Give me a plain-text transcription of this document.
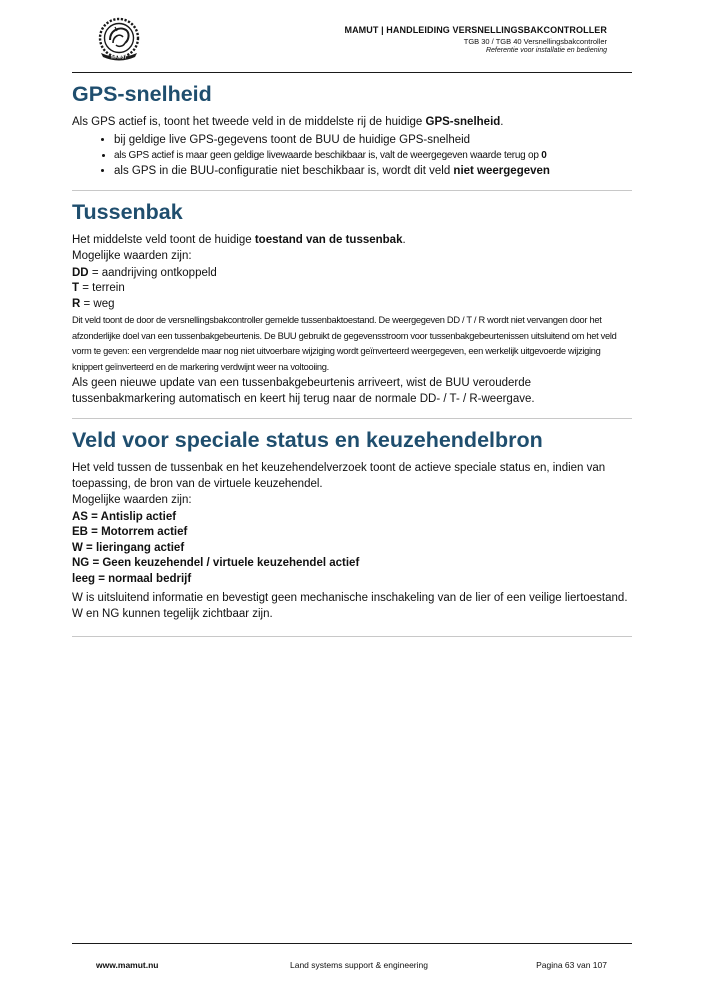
MAMUT
MAMUT | HANDLEIDING VERSNELLINGSBAKCONTROLLER
TGB 30 / TGB 40 Versnellingsbakcontroller
Referentie voor installatie en bediening
GPS-snelheid

Als GPS actief is, toont het tweede veld in de middelste rij de huidige GPS-snelheid.

• bij geldige live GPS-gegevens toont de BUU de huidige GPS-snelheid
• als GPS actief is maar geen geldige livewaarde beschikbaar is, valt de weergegeven waarde terug op 0
• als GPS in die BUU-configuratie niet beschikbaar is, wordt dit veld niet weergegeven
Tussenbak

Het middelste veld toont de huidige toestand van de tussenbak.

Mogelijke waarden zijn:

DD = aandrijving ontkoppeld

T = terrein

R = weg

Dit veld toont de door de versnellingsbakcontroller gemelde tussenbaktoestand. De weergegeven DD / T / R wordt niet vervangen door het afzonderlijke doel van een tussenbakgebeurtenis. De BUU gebruikt de gegevensstroom voor tussenbakgebeurtenissen uitsluitend om het veld vorm te geven: een vergrendelde maar nog niet uitvoerbare wijziging wordt geïnverteerd weergegeven, een werkelijk uitgevoerde wijziging knippert geïnverteerd en de markering verdwijnt weer na voltooiing.

Als geen nieuwe update van een tussenbakgebeurtenis arriveert, wist de BUU verouderde tussenbakmarkering automatisch en keert hij terug naar de normale DD- / T- / R-weergave.

Veld voor speciale status en keuzehendelbron

Het veld tussen de tussenbak en het keuzehendelverzoek toont de actieve speciale status en, indien van toepassing, de bron van de virtuele keuzehendel.

Mogelijke waarden zijn:

AS = Antislip actief

EB = Motorrem actief

W = lieringang actief

NG = Geen keuzehendel / virtuele keuzehendel actief

leeg = normaal bedrijf

W is uitsluitend informatie en bevestigt geen mechanische inschakeling van de lier of een veilige liertoestand. W en NG kunnen tegelijk zichtbaar zijn.

www.mamut.nu	Land systems support & engineering	Pagina 63 van 107
